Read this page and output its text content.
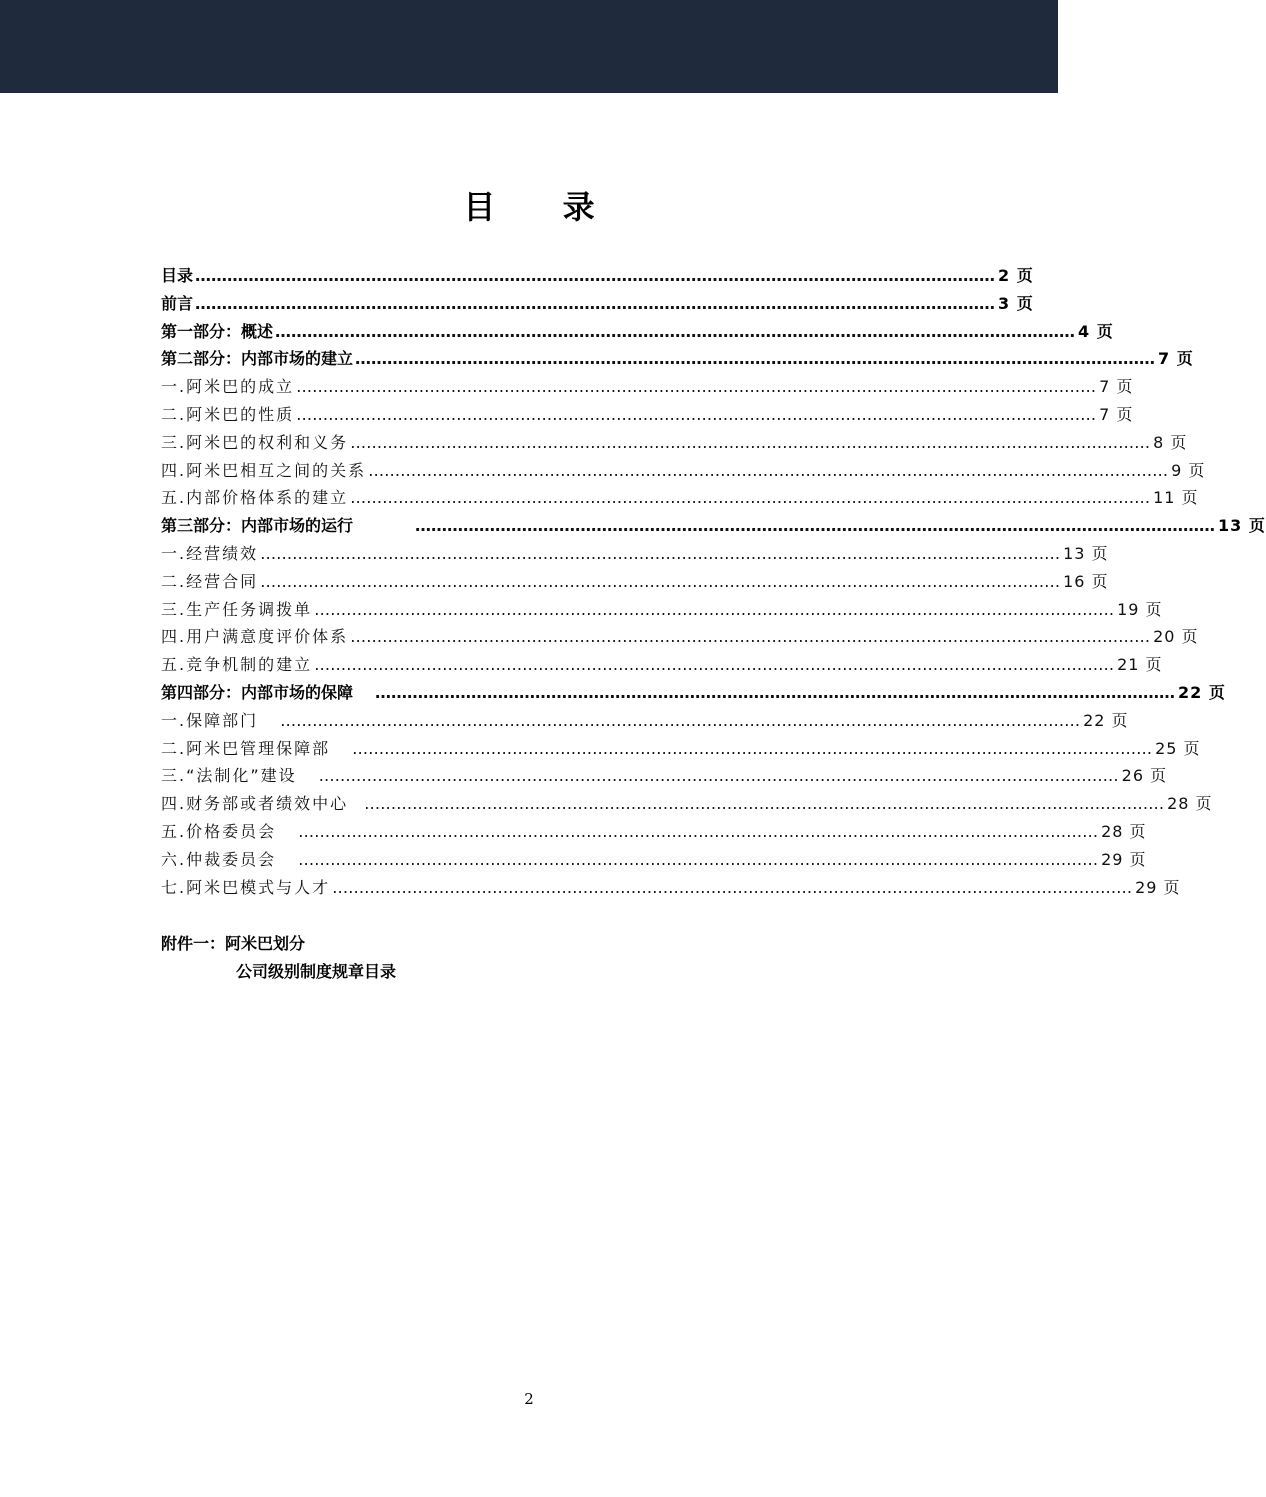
目 录
目录 …………………………………………………………………………………………………………………………………… 2 页
前言 …………………………………………………………………………………………………………………………………… 3 页
第一部分：概述 …………………………………………………………………………………………………………………………………… 4 页
第二部分：内部市场的建立 …………………………………………………………………………………………………………………………………… 7 页
一.阿米巴的成立 …………………………………………………………………………………………………………………………………… 7 页
二.阿米巴的性质 …………………………………………………………………………………………………………………………………… 7 页
三.阿米巴的权利和义务 …………………………………………………………………………………………………………………………………… 8 页
四.阿米巴相互之间的关系 …………………………………………………………………………………………………………………………………… 9 页
五.内部价格体系的建立 …………………………………………………………………………………………………………………………………… 11 页
第三部分：内部市场的运行	…………………………………………………………………………………………………………………………………… 13 页
一.经营绩效 …………………………………………………………………………………………………………………………………… 13 页
二.经营合同 …………………………………………………………………………………………………………………………………… 16 页
三.生产任务调拨单 …………………………………………………………………………………………………………………………………… 19 页
四.用户满意度评价体系 …………………………………………………………………………………………………………………………………… 20 页
五.竞争机制的建立 …………………………………………………………………………………………………………………………………… 21 页
第四部分：内部市场的保障 …………………………………………………………………………………………………………………………………… 22 页
一.保障部门 …………………………………………………………………………………………………………………………………… 22 页
二.阿米巴管理保障部 …………………………………………………………………………………………………………………………………… 25 页
三.“法制化”建设 …………………………………………………………………………………………………………………………………… 26 页
四.财务部或者绩效中心 …………………………………………………………………………………………………………………………………… 28 页
五.价格委员会 …………………………………………………………………………………………………………………………………… 28 页
六.仲裁委员会 …………………………………………………………………………………………………………………………………… 29 页
七.阿米巴模式与人才 …………………………………………………………………………………………………………………………………… 29 页
附件一：阿米巴划分
公司级别制度规章目录
2
